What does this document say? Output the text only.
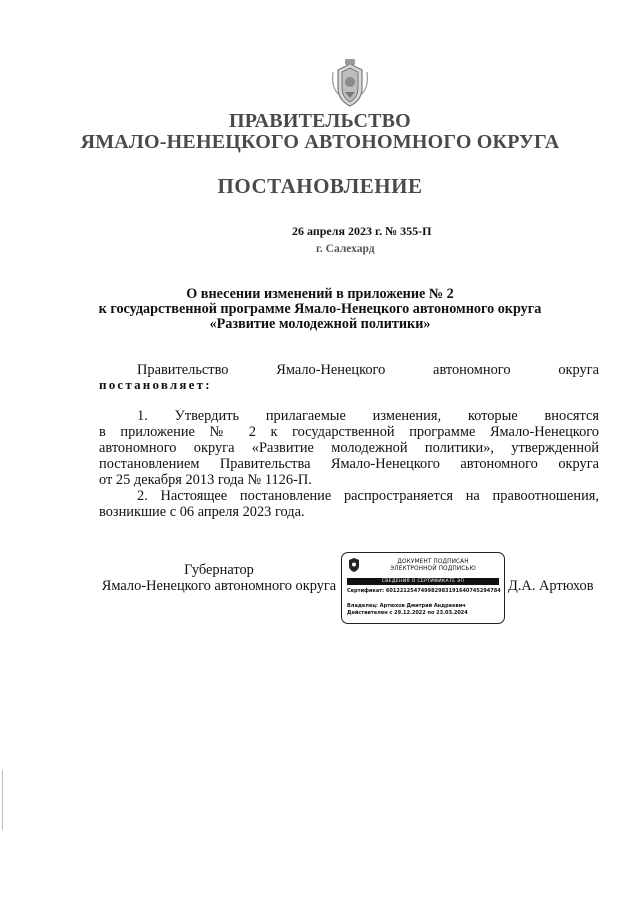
ПРАВИТЕЛЬСТВО
ЯМАЛО-НЕНЕЦКОГО АВТОНОМНОГО ОКРУГА
ПОСТАНОВЛЕНИЕ
26 апреля 2023 г. № 355-П
г. Салехард
О внесении изменений в приложение № 2
к государственной программе Ямало-Ненецкого автономного округа
«Развитие молодежной политики»
Правительство Ямало-Ненецкого автономного округа
постановляет:
1. Утвердить прилагаемые изменения, которые вносятся
в приложение № 2 к государственной программе Ямало-Ненецкого
автономного округа «Развитие молодежной политики», утвержденной
постановлением Правительства Ямало-Ненецкого автономного округа
от 25 декабря 2013 года № 1126-П.
2. Настоящее постановление распространяется на правоотношения,
возникшие с 06 апреля 2023 года.
Губернатор
Ямало-Ненецкого автономного округа
ДОКУМЕНТ ПОДПИСАН
ЭЛЕКТРОННОЙ ПОДПИСЬЮ
СВЕДЕНИЯ О СЕРТИФИКАТЕ ЭП
Сертификат: 601221254749982983191640745294784
Владелец: Артюхов Дмитрий Андреевич
Действителен с 29.12.2022 по 23.03.2024
Д.А. Артюхов
